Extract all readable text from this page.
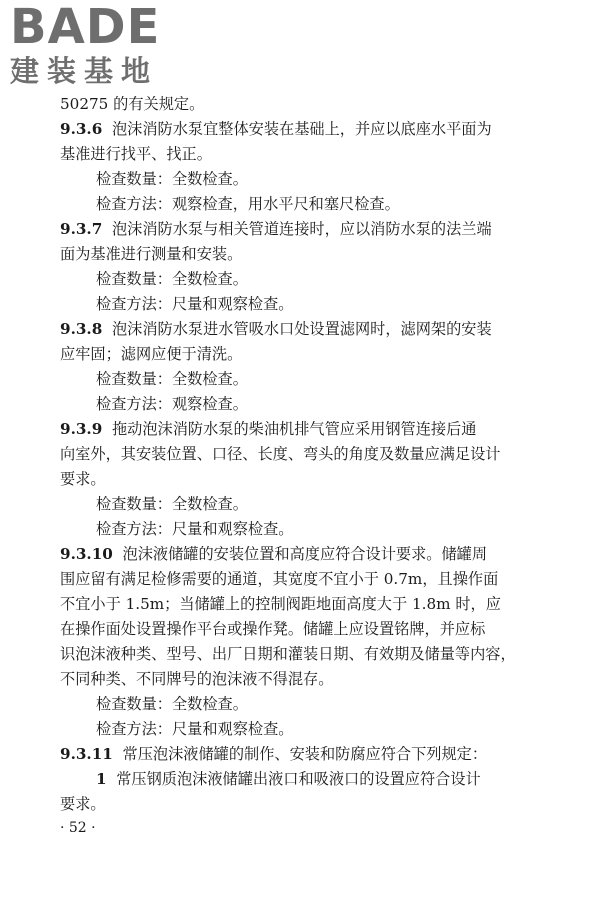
BADE
建装基地
50275 的有关规定。
9.3.6 泡沫消防水泵宜整体安装在基础上，并应以底座水平面为
基准进行找平、找正。
检查数量：全数检查。
检查方法：观察检查，用水平尺和塞尺检查。
9.3.7 泡沫消防水泵与相关管道连接时，应以消防水泵的法兰端
面为基准进行测量和安装。
检查数量：全数检查。
检查方法：尺量和观察检查。
9.3.8 泡沫消防水泵进水管吸水口处设置滤网时，滤网架的安装
应牢固；滤网应便于清洗。
检查数量：全数检查。
检查方法：观察检查。
9.3.9 拖动泡沫消防水泵的柴油机排气管应采用钢管连接后通
向室外，其安装位置、口径、长度、弯头的角度及数量应满足设计
要求。
检查数量：全数检查。
检查方法：尺量和观察检查。
9.3.10 泡沫液储罐的安装位置和高度应符合设计要求。储罐周
围应留有满足检修需要的通道，其宽度不宜小于 0.7m，且操作面
不宜小于 1.5m；当储罐上的控制阀距地面高度大于 1.8m 时，应
在操作面处设置操作平台或操作凳。储罐上应设置铭牌，并应标
识泡沫液种类、型号、出厂日期和灌装日期、有效期及储量等内容，
不同种类、不同牌号的泡沫液不得混存。
检查数量：全数检查。
检查方法：尺量和观察检查。
9.3.11 常压泡沫液储罐的制作、安装和防腐应符合下列规定：
1 常压钢质泡沫液储罐出液口和吸液口的设置应符合设计
要求。
· 52 ·
